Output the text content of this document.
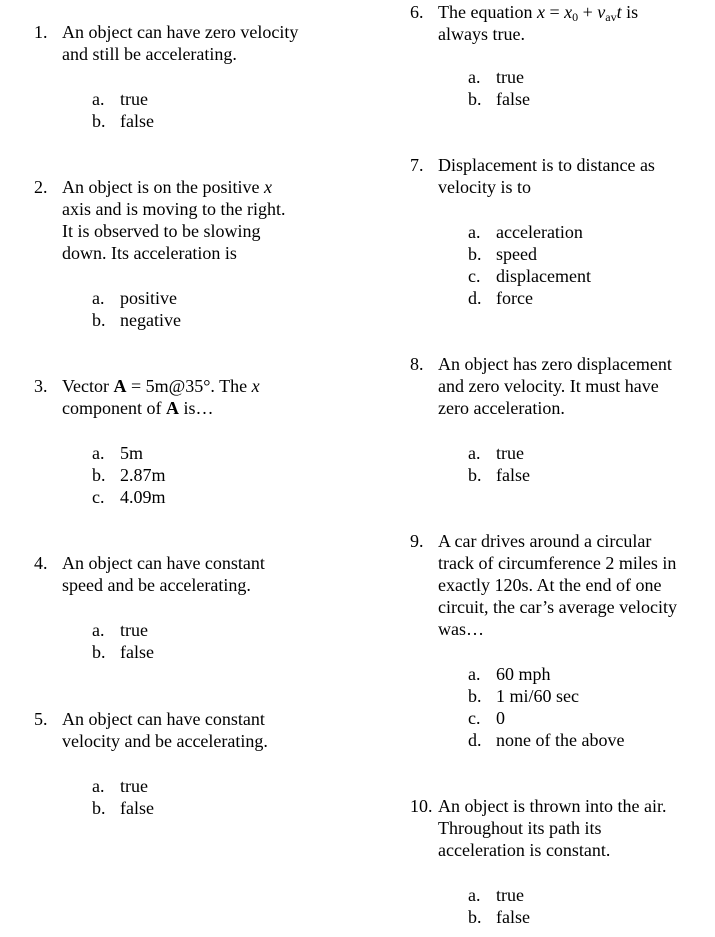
1. An object can have zero velocity
and still be accelerating.
a. true
b. false
2. An object is on the positive x
axis and is moving to the right.
It is observed to be slowing
down. Its acceleration is
a. positive
b. negative
3. Vector A = 5m@35°. The x
component of A is…
a. 5m
b. 2.87m
c. 4.09m
4. An object can have constant
speed and be accelerating.
a. true
b. false
5. An object can have constant
velocity and be accelerating.
a. true
b. false
6. The equation $x = x_0 + v_{av}t$ is
always true.
a. true
b. false
7. Displacement is to distance as
velocity is to
a. acceleration
b. speed
c. displacement
d. force
8. An object has zero displacement
and zero velocity. It must have
zero acceleration.
a. true
b. false
9. A car drives around a circular
track of circumference 2 miles in
exactly 120s. At the end of one
circuit, the car’s average velocity
was…
a. 60 mph
b. 1 mi/60 sec
c. 0
d. none of the above
10. An object is thrown into the air.
Throughout its path its
acceleration is constant.
a. true
b. false
